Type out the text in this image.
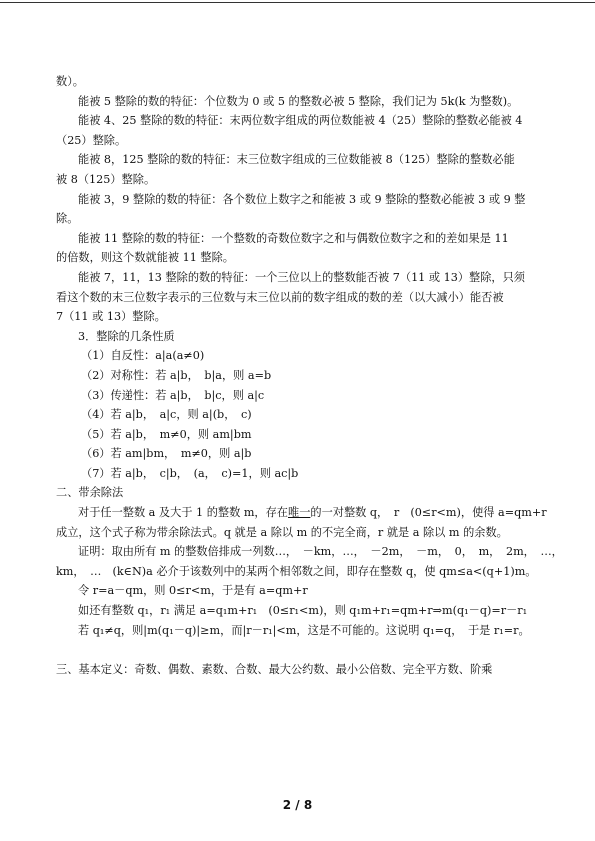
数）。

能被 5 整除的数的特征：个位数为 0 或 5 的整数必被 5 整除，我们记为 5k(k 为整数)。

能被 4、25 整除的数的特征：末两位数字组成的两位数能被 4（25）整除的整数必能被 4

（25）整除。

能被 8，125 整除的数的特征：末三位数字组成的三位数能被 8（125）整除的整数必能

被 8（125）整除。

能被 3，9 整除的数的特征：各个数位上数字之和能被 3 或 9 整除的整数必能被 3 或 9 整

除。

能被 11 整除的数的特征：一个整数的奇数位数字之和与偶数位数字之和的差如果是 11

的倍数，则这个数就能被 11 整除。

能被 7，11，13 整除的数的特征：一个三位以上的整数能否被 7（11 或 13）整除，只须

看这个数的末三位数字表示的三位数与末三位以前的数字组成的数的差（以大减小）能否被

7（11 或 13）整除。

3．整除的几条性质

（1）自反性：a|a(a≠0)

（2）对称性：若 a|b，　b|a，则 a=b

（3）传递性：若 a|b，　b|c，则 a|c

（4）若 a|b，　a|c，则 a|(b，　c)

（5）若 a|b，　m≠0，则 am|bm

（6）若 am|bm，　m≠0，则 a|b

（7）若 a|b，　c|b，　(a，　c)=1，则 ac|b

二、带余除法

对于任一整数 a 及大于 1 的整数 m，存在唯一的一对整数 q，　r　(0≤r<m)，使得 a=qm+r

成立，这个式子称为带余除法式。q 就是 a 除以 m 的不完全商，r 就是 a 除以 m 的余数。

证明：取由所有 m 的整数倍排成一列数…，　－km，…，　－2m，　－m，　0，　m，　2m，　…，

km，　…　(k∈N)a 必介于该数列中的某两个相邻数之间，即存在整数 q，使 qm≤a<(q+1)m。

令 r=a－qm，则 0≤r<m，于是有 a=qm+r

如还有整数 q₁，r₁ 满足 a=q₁m+r₁　(0≤r₁<m)，则 q₁m+r₁=qm+r⇒m(q₁－q)=r－r₁

若 q₁≠q，则|m(q₁－q)|≥m，而|r－r₁|<m，这是不可能的。这说明 q₁=q，　于是 r₁=r。

三、基本定义：奇数、偶数、素数、合数、最大公约数、最小公倍数、完全平方数、阶乘

2 / 8
